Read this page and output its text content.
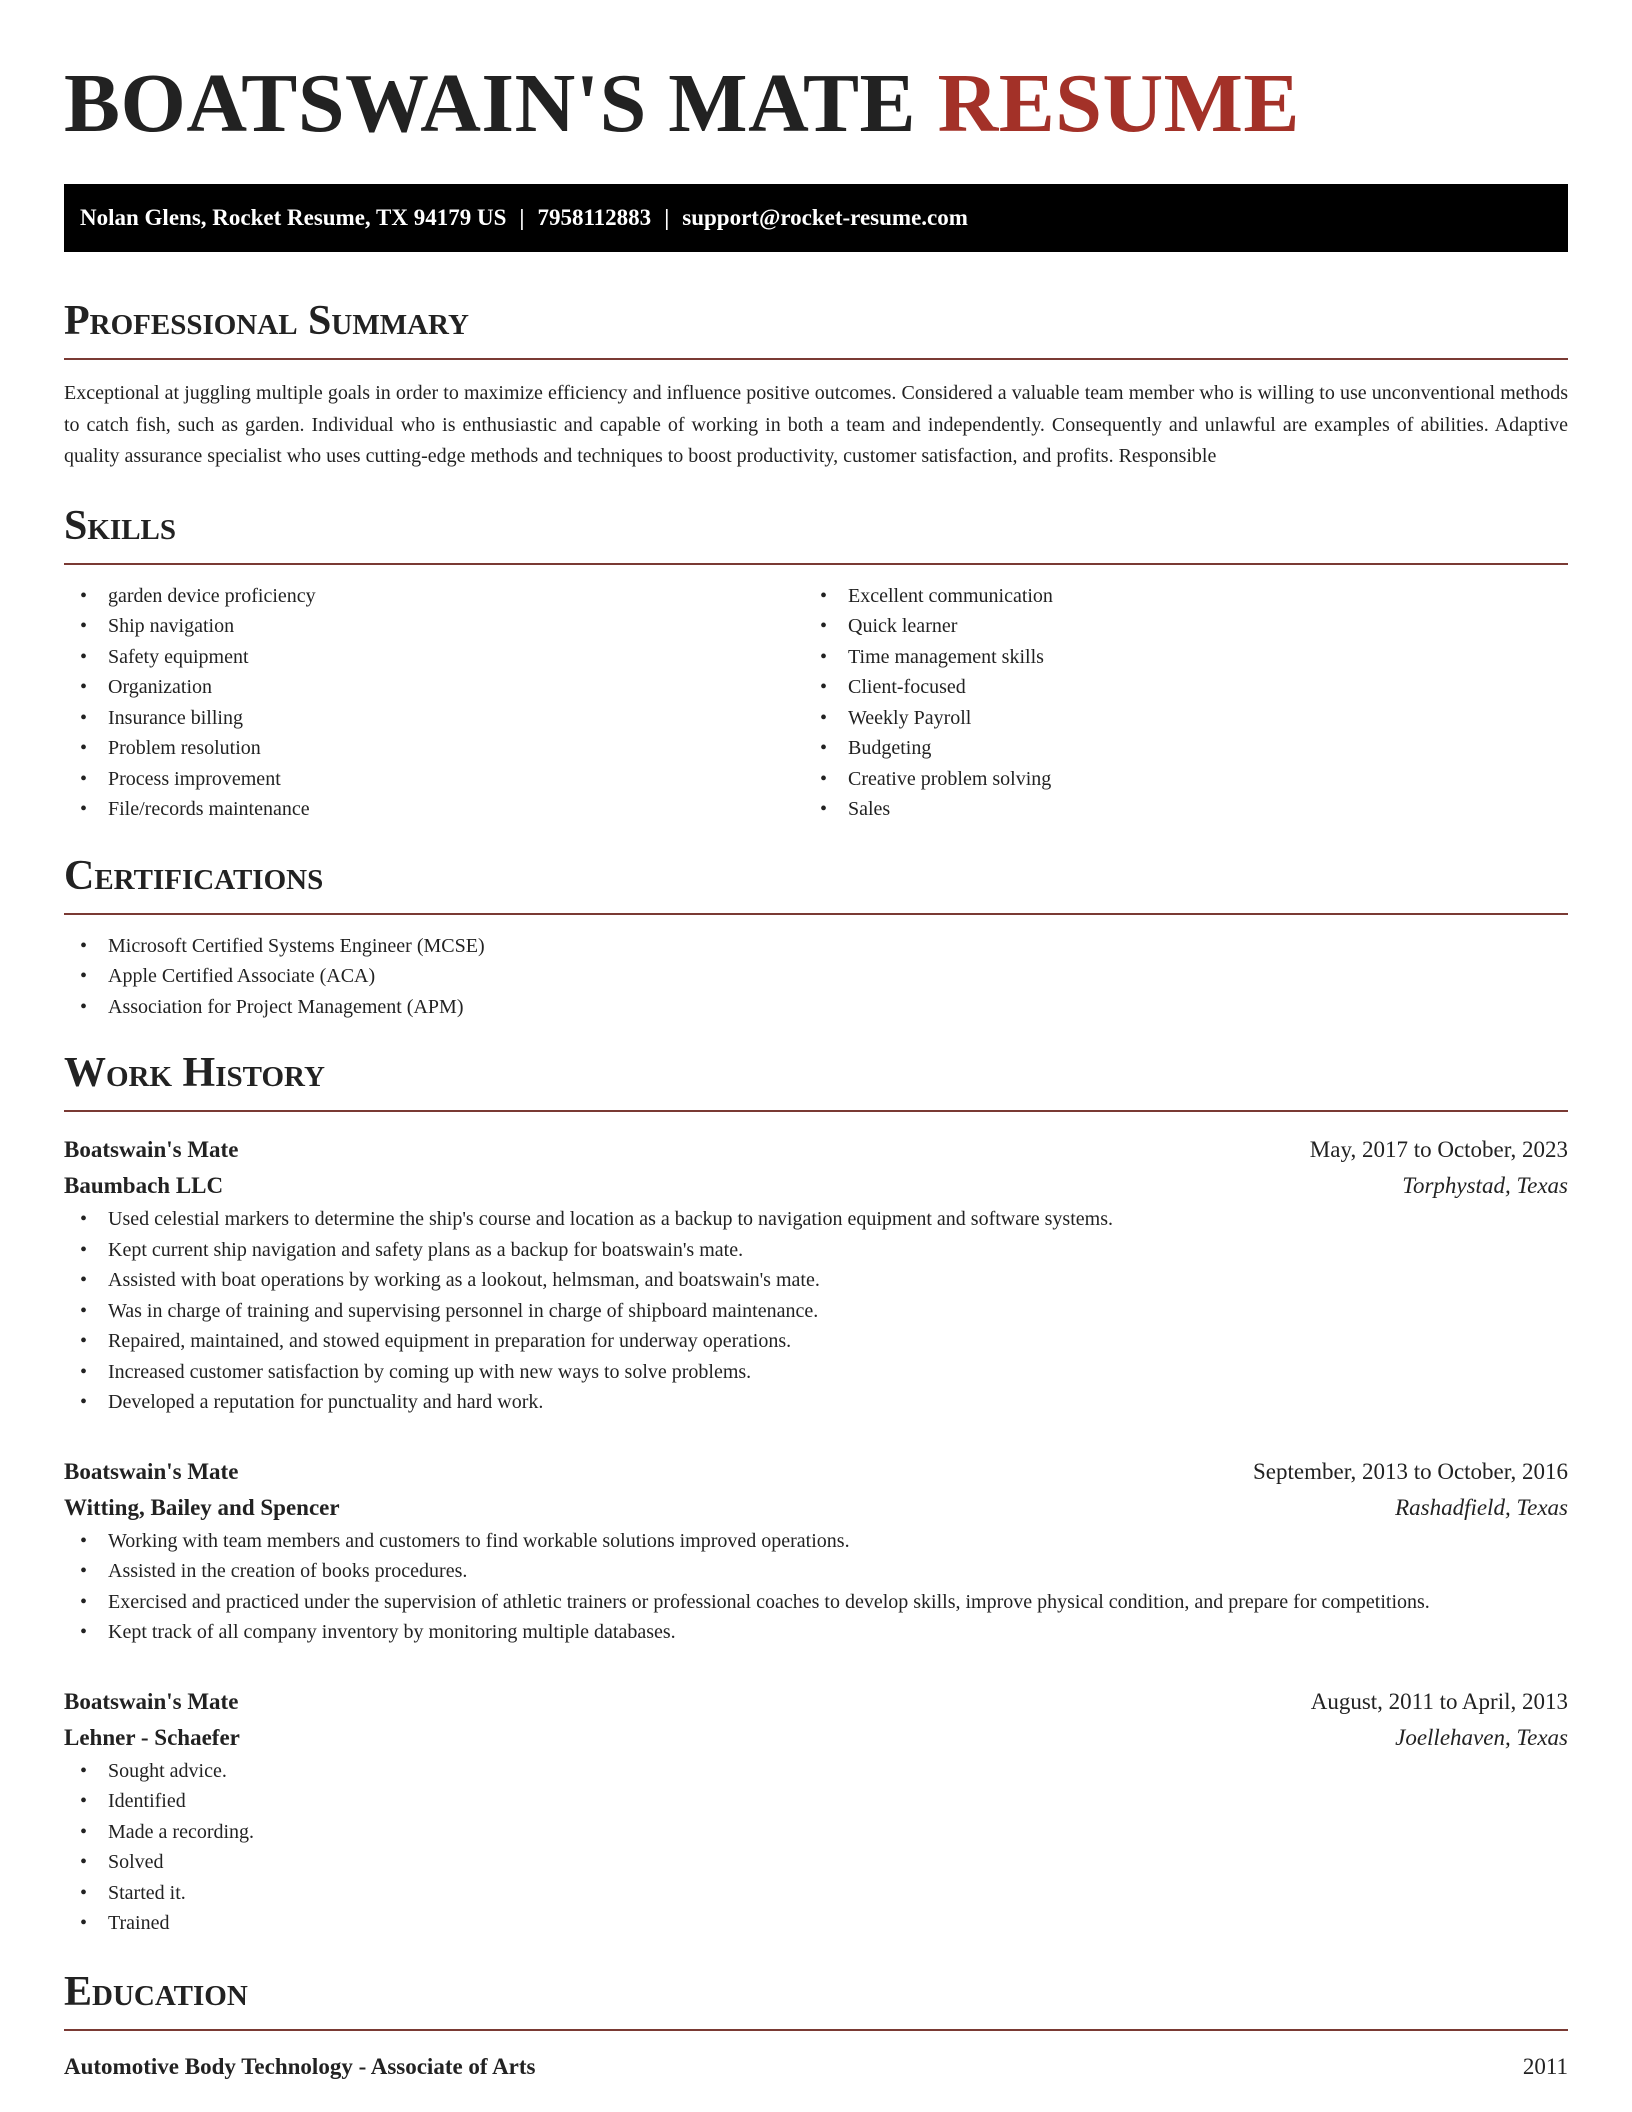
BOATSWAIN'S MATE RESUME
Nolan Glens, Rocket Resume, TX 94179 US | 7958112883 | support@rocket-resume.com
Professional Summary

Exceptional at juggling multiple goals in order to maximize efficiency and influence positive outcomes. Considered a valuable team member who is willing to use unconventional methods to catch fish, such as garden. Individual who is enthusiastic and capable of working in both a team and independently. Consequently and unlawful are examples of abilities. Adaptive quality assurance specialist who uses cutting-edge methods and techniques to boost productivity, customer satisfaction, and profits. Responsible

Skills
• garden device proficiency
• Ship navigation
• Safety equipment
• Organization
• Insurance billing
• Problem resolution
• Process improvement
• File/records maintenance
• Excellent communication
• Quick learner
• Time management skills
• Client-focused
• Weekly Payroll
• Budgeting
• Creative problem solving
• Sales
Certifications
• Microsoft Certified Systems Engineer (MCSE)
• Apple Certified Associate (ACA)
• Association for Project Management (APM)
Work History
Boatswain's Mate	May, 2017 to October, 2023
Baumbach LLC	Torphystad, Texas
• Used celestial markers to determine the ship's course and location as a backup to navigation equipment and software systems.
• Kept current ship navigation and safety plans as a backup for boatswain's mate.
• Assisted with boat operations by working as a lookout, helmsman, and boatswain's mate.
• Was in charge of training and supervising personnel in charge of shipboard maintenance.
• Repaired, maintained, and stowed equipment in preparation for underway operations.
• Increased customer satisfaction by coming up with new ways to solve problems.
• Developed a reputation for punctuality and hard work.
Boatswain's Mate	September, 2013 to October, 2016
Witting, Bailey and Spencer	Rashadfield, Texas
• Working with team members and customers to find workable solutions improved operations.
• Assisted in the creation of books procedures.
• Exercised and practiced under the supervision of athletic trainers or professional coaches to develop skills, improve physical condition, and prepare for competitions.
• Kept track of all company inventory by monitoring multiple databases.
Boatswain's Mate	August, 2011 to April, 2013
Lehner - Schaefer	Joellehaven, Texas
• Sought advice.
• Identified
• Made a recording.
• Solved
• Started it.
• Trained
Education
Automotive Body Technology - Associate of Arts	2011
